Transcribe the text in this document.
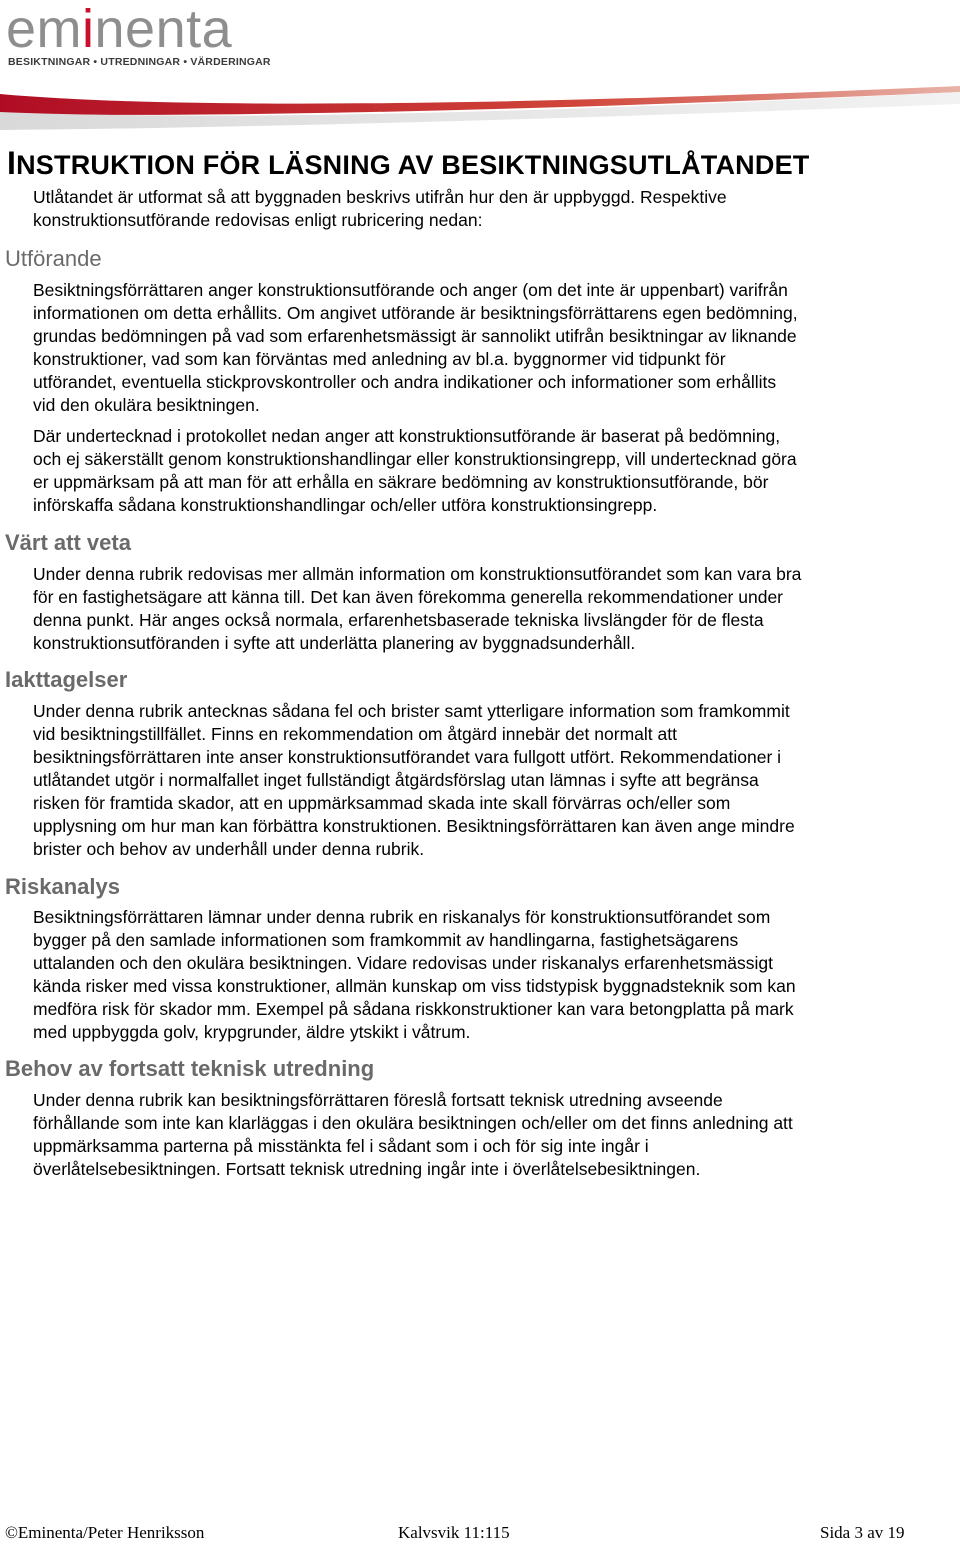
eminenta
BESIKTNINGAR • UTREDNINGAR • VÄRDERINGAR
INSTRUKTION FÖR LÄSNING AV BESIKTNINGSUTLÅTANDET

Utlåtandet är utformat så att byggnaden beskrivs utifrån hur den är uppbyggd. Respektive
konstruktionsutförande redovisas enligt rubricering nedan:

Utförande

Besiktningsförrättaren anger konstruktionsutförande och anger (om det inte är uppenbart) varifrån
informationen om detta erhållits. Om angivet utförande är besiktningsförrättarens egen bedömning,
grundas bedömningen på vad som erfarenhetsmässigt är sannolikt utifrån besiktningar av liknande
konstruktioner, vad som kan förväntas med anledning av bl.a. byggnormer vid tidpunkt för
utförandet, eventuella stickprovskontroller och andra indikationer och informationer som erhållits
vid den okulära besiktningen.

Där undertecknad i protokollet nedan anger att konstruktionsutförande är baserat på bedömning,
och ej säkerställt genom konstruktionshandlingar eller konstruktionsingrepp, vill undertecknad göra
er uppmärksam på att man för att erhålla en säkrare bedömning av konstruktionsutförande, bör
införskaffa sådana konstruktionshandlingar och/eller utföra konstruktionsingrepp.

Värt att veta

Under denna rubrik redovisas mer allmän information om konstruktionsutförandet som kan vara bra
för en fastighetsägare att känna till. Det kan även förekomma generella rekommendationer under
denna punkt. Här anges också normala, erfarenhetsbaserade tekniska livslängder för de flesta
konstruktionsutföranden i syfte att underlätta planering av byggnadsunderhåll.

Iakttagelser

Under denna rubrik antecknas sådana fel och brister samt ytterligare information som framkommit
vid besiktningstillfället. Finns en rekommendation om åtgärd innebär det normalt att
besiktningsförrättaren inte anser konstruktionsutförandet vara fullgott utfört. Rekommendationer i
utlåtandet utgör i normalfallet inget fullständigt åtgärdsförslag utan lämnas i syfte att begränsa
risken för framtida skador, att en uppmärksammad skada inte skall förvärras och/eller som
upplysning om hur man kan förbättra konstruktionen. Besiktningsförrättaren kan även ange mindre
brister och behov av underhåll under denna rubrik.

Riskanalys

Besiktningsförrättaren lämnar under denna rubrik en riskanalys för konstruktionsutförandet som
bygger på den samlade informationen som framkommit av handlingarna, fastighetsägarens
uttalanden och den okulära besiktningen. Vidare redovisas under riskanalys erfarenhetsmässigt
kända risker med vissa konstruktioner, allmän kunskap om viss tidstypisk byggnadsteknik som kan
medföra risk för skador mm. Exempel på sådana riskkonstruktioner kan vara betongplatta på mark
med uppbyggda golv, krypgrunder, äldre ytskikt i våtrum.

Behov av fortsatt teknisk utredning

Under denna rubrik kan besiktningsförrättaren föreslå fortsatt teknisk utredning avseende
förhållande som inte kan klarläggas i den okulära besiktningen och/eller om det finns anledning att
uppmärksamma parterna på misstänkta fel i sådant som i och för sig inte ingår i
överlåtelsebesiktningen. Fortsatt teknisk utredning ingår inte i överlåtelsebesiktningen.

©Eminenta/Peter Henriksson	Kalvsvik 11:115	Sida 3 av 19
